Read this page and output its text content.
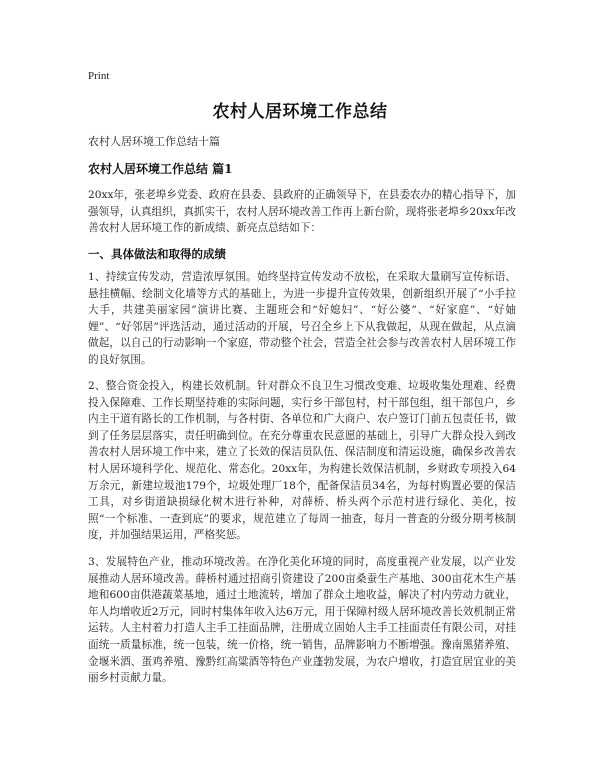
Print
农村人居环境工作总结
农村人居环境工作总结十篇
农村人居环境工作总结 篇1

20xx年，张老埠乡党委、政府在县委、县政府的正确领导下，在县委农办的精心指导下，加强领导，认真组织，真抓实干，农村人居环境改善工作再上新台阶，现将张老埠乡20xx年改善农村人居环境工作的新成绩、新亮点总结如下：

一、具体做法和取得的成绩

1、持续宣传发动，营造浓厚氛围。始终坚持宣传发动不放松，在采取大量刷写宣传标语、悬挂横幅、绘制文化墙等方式的基础上，为进一步提升宣传效果，创新组织开展了“小手拉大手，共建美丽家园”演讲比赛、主题班会和“好媳妇”、“好公婆”、“好家庭”、“好妯娌”、“好邻居”评选活动，通过活动的开展，号召全乡上下从我做起，从现在做起，从点滴做起，以自己的行动影响一个家庭，带动整个社会，营造全社会参与改善农村人居环境工作的良好氛围。

2、整合资金投入，构建长效机制。针对群众不良卫生习惯改变难、垃圾收集处理难、经费投入保障难、工作长期坚持难的实际问题，实行乡干部包村，村干部包组，组干部包户，乡内主干道有路长的工作机制，与各村街、各单位和广大商户、农户签订门前五包责任书，做到了任务层层落实，责任明确到位。在充分尊重农民意愿的基础上，引导广大群众投入到改善农村人居环境工作中来，建立了长效的保洁员队伍、保洁制度和清运设施，确保乡改善农村人居环境科学化、规范化、常态化。20xx年，为构建长效保洁机制，乡财政专项投入64万余元，新建垃圾池179个，垃圾处理厂18个，配备保洁员34名，为每村购置必要的保洁工具，对乡街道缺损绿化树木进行补种，对薛桥、桥头两个示范村进行绿化、美化，按照“一个标准、一查到底”的要求，规范建立了每周一抽查，每月一普查的分级分期考核制度，并加强结果运用，严格奖惩。

3、发展特色产业，推动环境改善。在净化美化环境的同时，高度重视产业发展，以产业发展推动人居环境改善。薛桥村通过招商引资建设了200亩桑蚕生产基地、300亩花木生产基地和600亩供港蔬菜基地，通过土地流转，增加了群众土地收益，解决了村内劳动力就业，年人均增收近2万元，同时村集体年收入达6万元，用于保障村级人居环境改善长效机制正常运转。人主村着力打造人主手工挂面品牌，注册成立固始人主手工挂面责任有限公司，对挂面统一质量标准，统一包装，统一价格，统一销售，品牌影响力不断增强。豫南黑猪养殖、金堰米酒、蛋鸡养殖、豫黔红高粱酒等特色产业蓬勃发展，为农户增收，打造宜居宜业的美丽乡村贡献力量。
